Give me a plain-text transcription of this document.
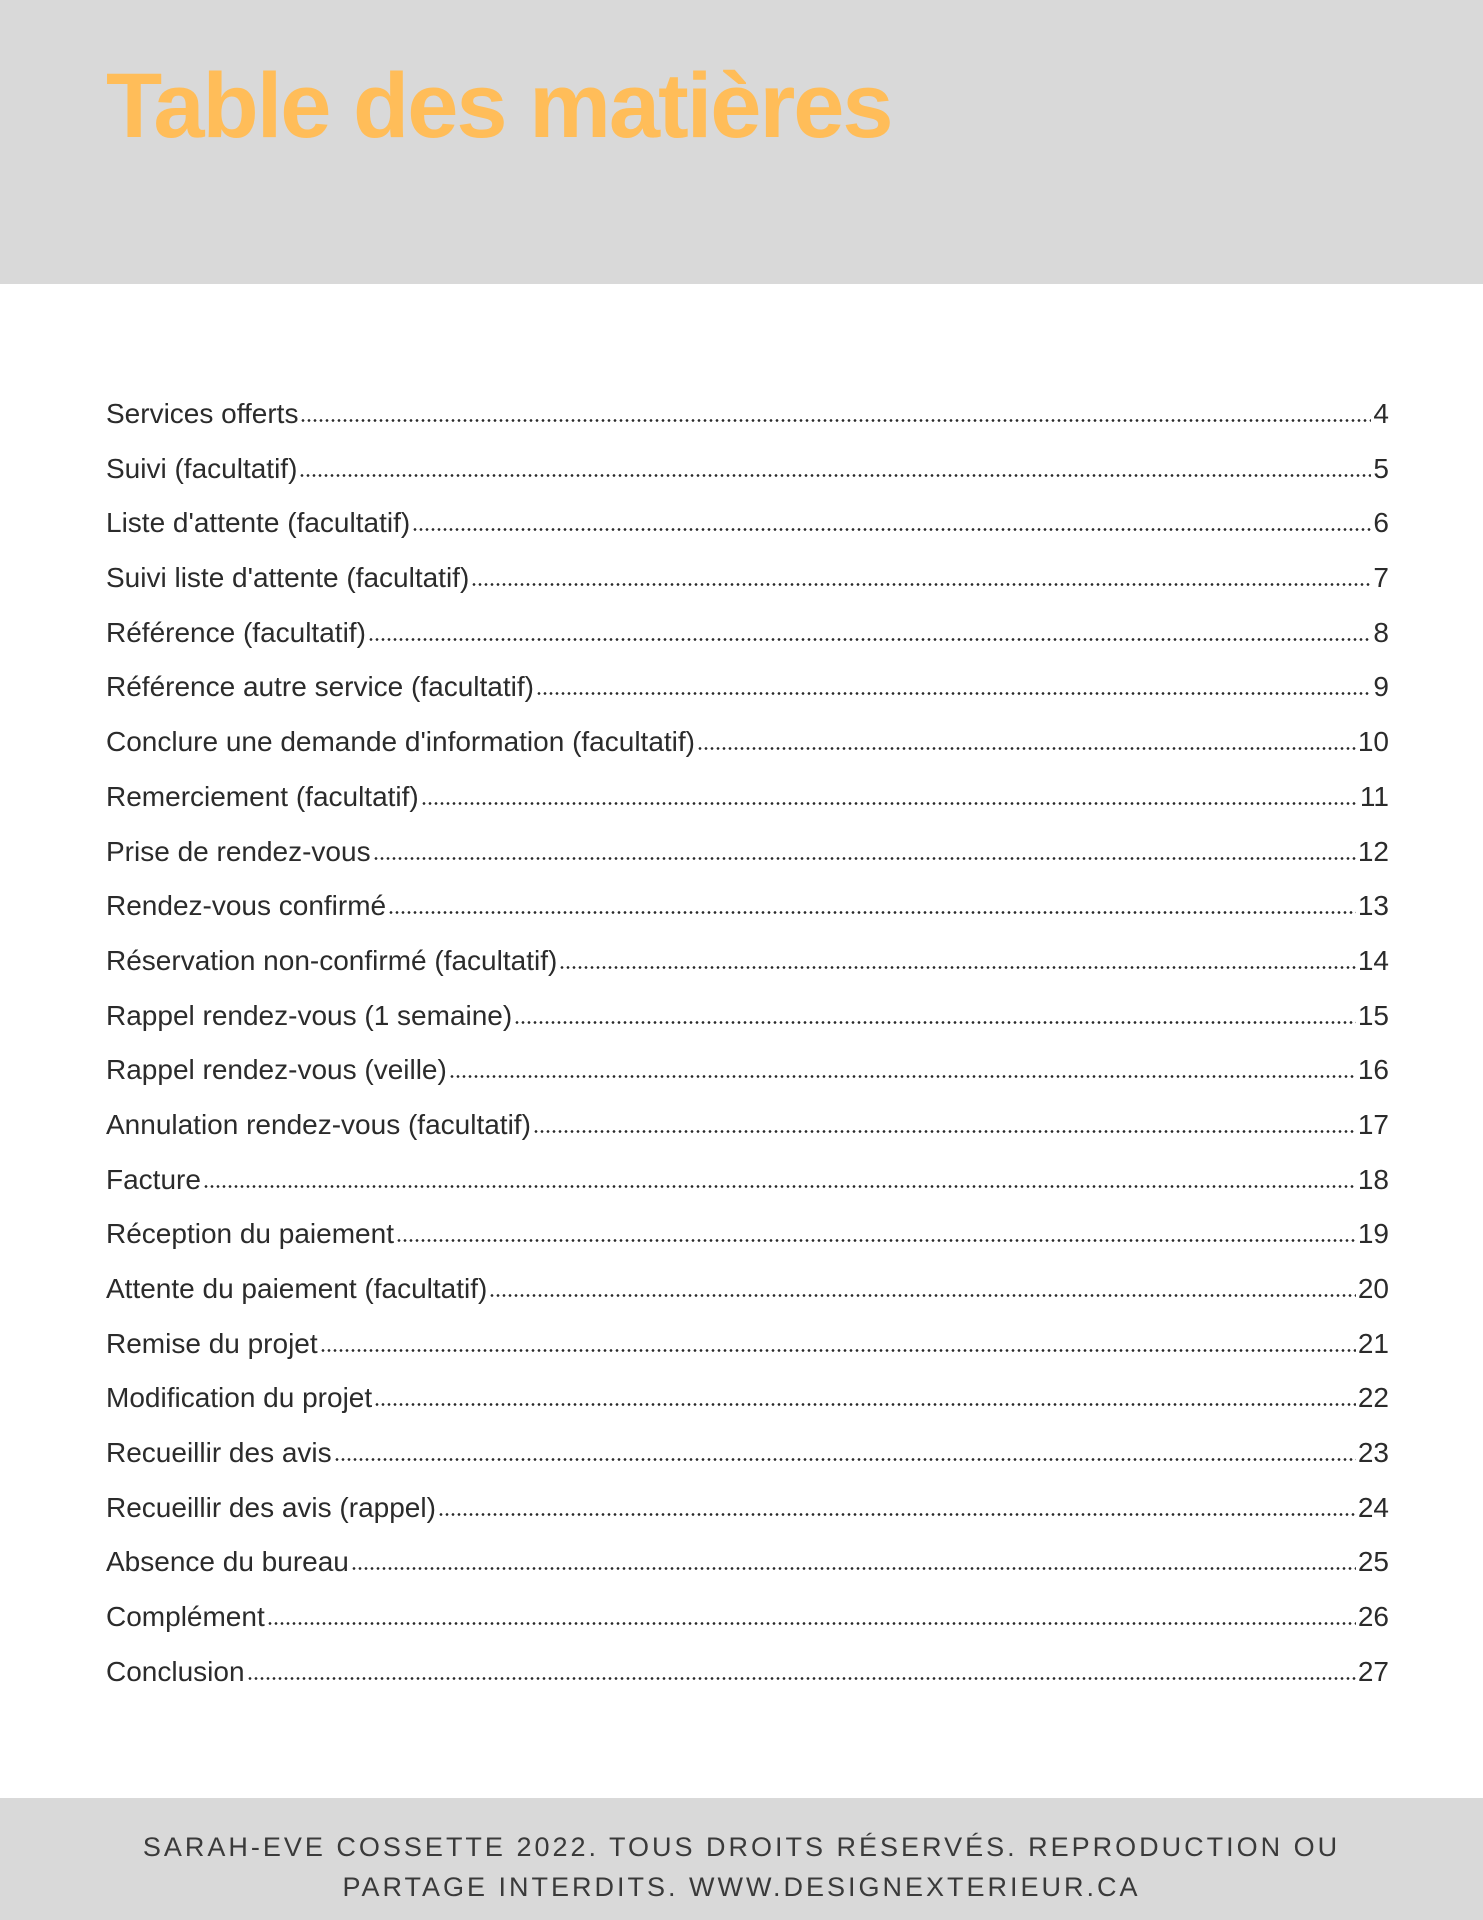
Table des matières
Services offerts	4
Suivi (facultatif)	5
Liste d'attente (facultatif)	6
Suivi liste d'attente (facultatif)	7
Référence (facultatif)	8
Référence autre service (facultatif)	9
Conclure une demande d'information (facultatif)	10
Remerciement (facultatif)	11
Prise de rendez-vous	12
Rendez-vous confirmé	13
Réservation non-confirmé (facultatif)	14
Rappel rendez-vous (1 semaine)	15
Rappel rendez-vous (veille)	16
Annulation rendez-vous (facultatif)	17
Facture	18
Réception du paiement	19
Attente du paiement (facultatif)	20
Remise du projet	21
Modification du projet	22
Recueillir des avis	23
Recueillir des avis (rappel)	24
Absence du bureau	25
Complément	26
Conclusion	27
SARAH-EVE COSSETTE 2022. TOUS DROITS RÉSERVÉS. REPRODUCTION OU
PARTAGE INTERDITS. WWW.DESIGNEXTERIEUR.CA
